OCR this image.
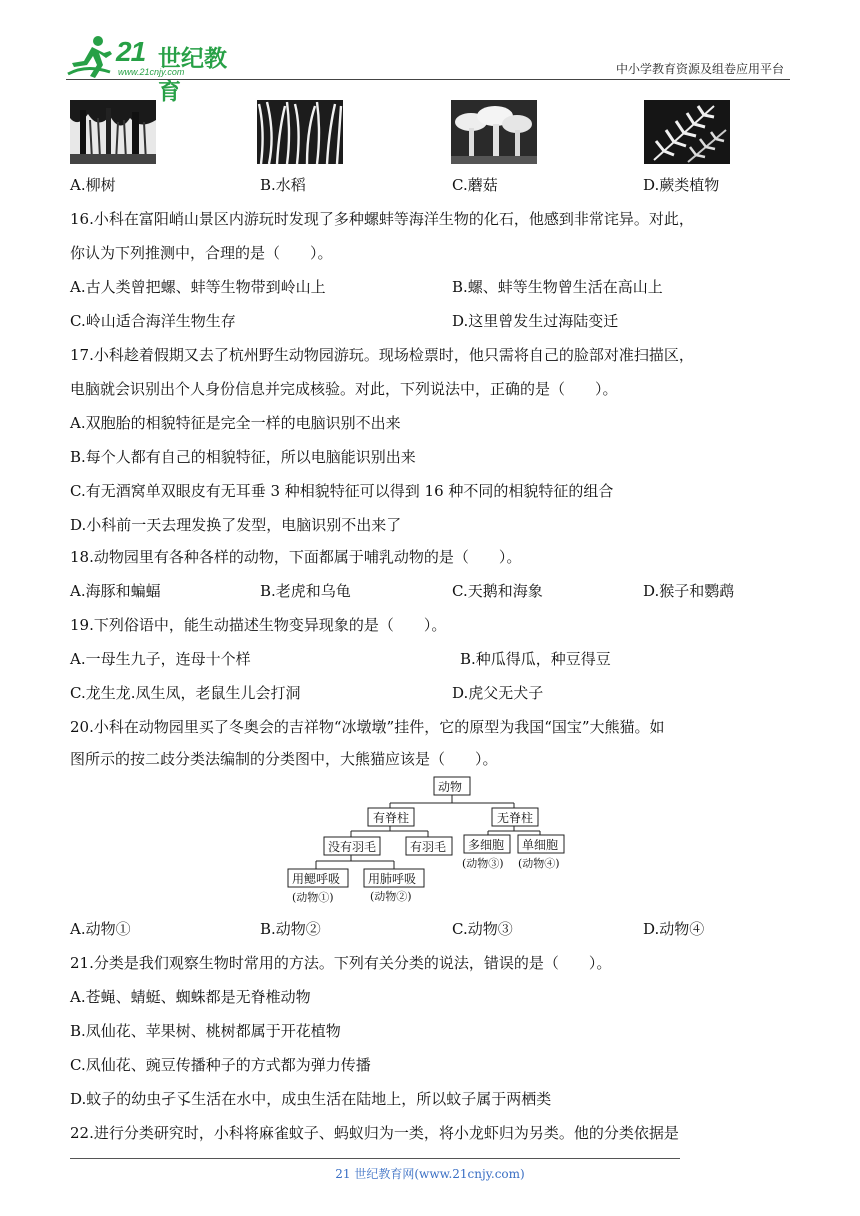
21 世纪教育
www.21cnjy.com	中小学教育资源及组卷应用平台
A.柳树	B.水稻	C.蘑菇	D.蕨类植物
16.小科在富阳峭山景区内游玩时发现了多种螺蚌等海洋生物的化石，他感到非常诧异。对此，
你认为下列推测中，合理的是（　　）。
A.古人类曾把螺、蚌等生物带到岭山上	B.螺、蚌等生物曾生活在高山上
C.岭山适合海洋生物生存	D.这里曾发生过海陆变迁
17.小科趁着假期又去了杭州野生动物园游玩。现场检票时，他只需将自己的脸部对准扫描区，
电脑就会识别出个人身份信息并完成核验。对此，下列说法中，正确的是（　　）。
A.双胞胎的相貌特征是完全一样的电脑识别不出来
B.每个人都有自己的相貌特征，所以电脑能识别出来
C.有无酒窝单双眼皮有无耳垂 3 种相貌特征可以得到 16 种不同的相貌特征的组合
D.小科前一天去理发换了发型，电脑识别不出来了
18.动物园里有各种各样的动物，下面都属于哺乳动物的是（　　）。
A.海豚和蝙蝠	B.老虎和乌龟	C.天鹅和海象	D.猴子和鹦鹉
19.下列俗语中，能生动描述生物变异现象的是（　　）。
A.一母生九子，连母十个样	B.种瓜得瓜，种豆得豆
C.龙生龙.凤生凤，老鼠生儿会打洞	D.虎父无犬子
20.小科在动物园里买了冬奥会的吉祥物“冰墩墩”挂件，它的原型为我国“国宝”大熊猫。如
图所示的按二歧分类法编制的分类图中，大熊猫应该是（　　）。
动物
有脊柱	无脊柱
没有羽毛	有羽毛 多细胞 单细胞
(动物③) (动物④)
用鳃呼吸 用肺呼吸
(动物①)	(动物②)
A.动物①	B.动物②	C.动物③	D.动物④
21.分类是我们观察生物时常用的方法。下列有关分类的说法，错误的是（　　）。
A.苍蝇、蜻蜓、蜘蛛都是无脊椎动物
B.凤仙花、苹果树、桃树都属于开花植物
C.凤仙花、豌豆传播种子的方式都为弹力传播
D.蚊子的幼虫孑孓生活在水中，成虫生活在陆地上，所以蚊子属于两栖类
22.进行分类研究时，小科将麻雀蚊子、蚂蚁归为一类，将小龙虾归为另类。他的分类依据是
21 世纪教育网(www.21cnjy.com)
